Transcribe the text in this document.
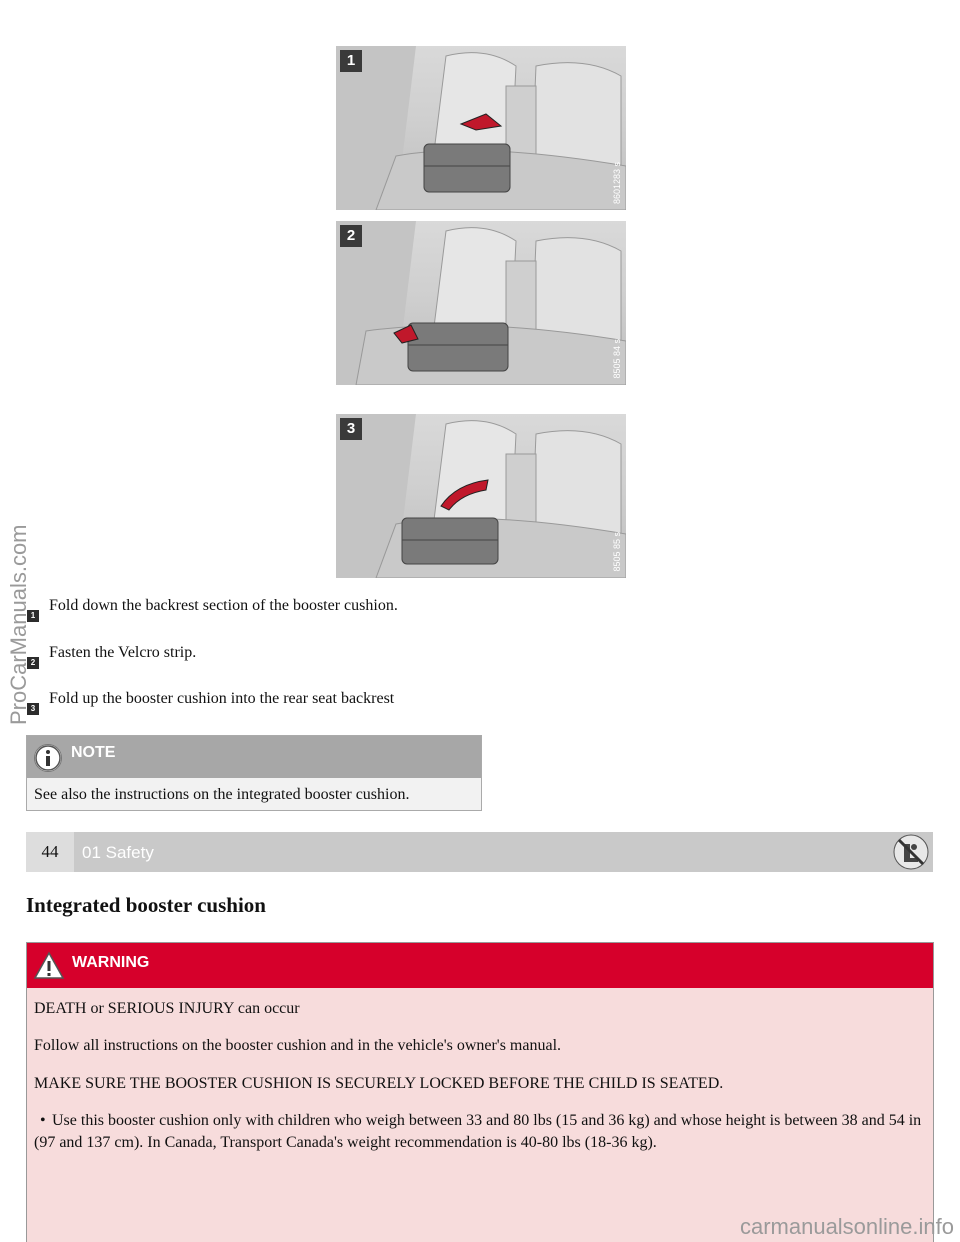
1
8601283 s
2
8505 84 s
3
8505 85 s
1Fold down the backrest section of the booster cushion.
2Fasten the Velcro strip.
3Fold up the booster cushion into the rear seat backrest
NOTE
See also the instructions on the integrated booster cushion.
44	01 Safety
Integrated booster cushion
WARNING
DEATH or SERIOUS INJURY can occur
Follow all instructions on the booster cushion and in the vehicle's owner's manual.
MAKE SURE THE BOOSTER CUSHION IS SECURELY LOCKED BEFORE THE CHILD IS SEATED.
• Use this booster cushion only with children who weigh between 33 and 80 lbs (15 and 36 kg) and whose height is between 38 and 54 in (97 and 137 cm). In Canada, Transport Canada's weight recommendation is 40-80 lbs (18-36 kg).
ProCarManuals.com
carmanualsonline.info
